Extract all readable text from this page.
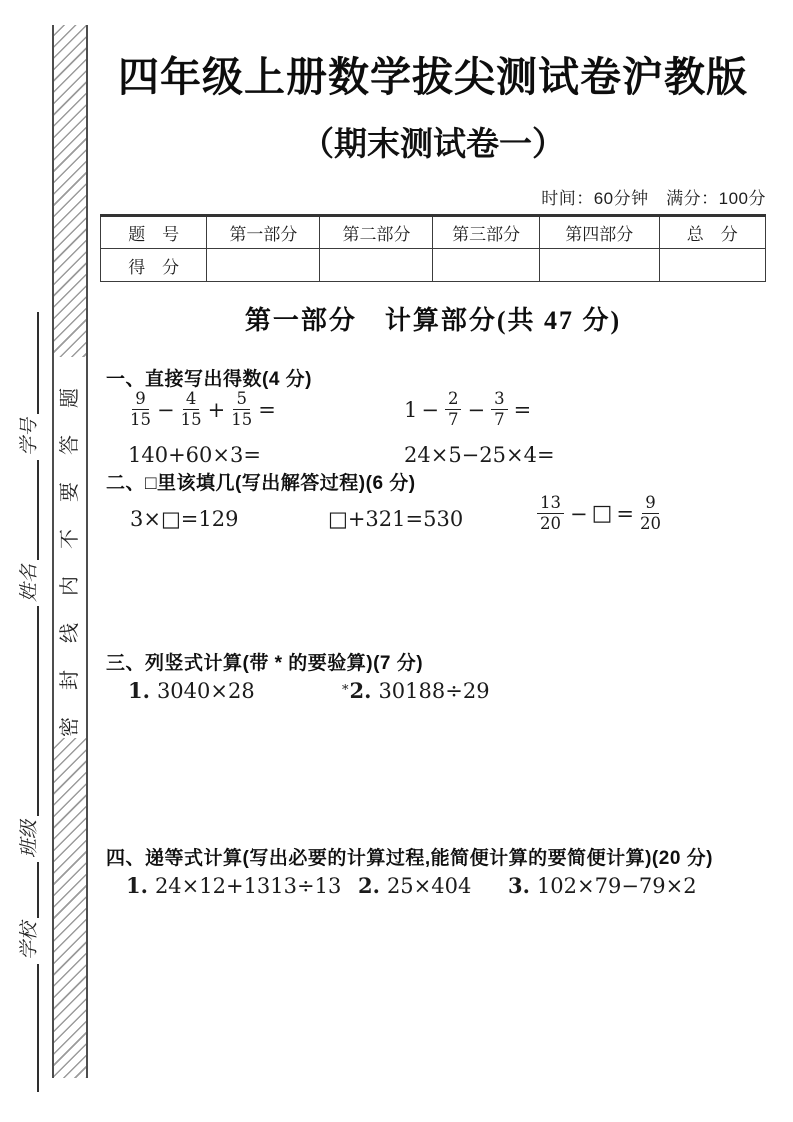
学校
班级
姓名
学号 密封线内不要答题
四年级上册数学拔尖测试卷沪教版
（期末测试卷一）
时间：60分钟　满分：100分
题　号	第一部分	第二部分	第三部分	第四部分	总　分
得　分					
第一部分　计算部分(共 47 分)
一、直接写出得数(4 分)
$\frac{9}{15} - \frac{4}{15} + \frac{5}{15}$ =	$1 - \frac{2}{7} - \frac{3}{7}$ =
140+60×3=	24×5−25×4=
二、□里该填几(写出解答过程)(6 分)
3×□=129	□+321=530	$\frac{13}{20}$ − □ = $\frac{9}{20}$
三、列竖式计算(带 * 的要验算)(7 分)
1. 3040×28	* 2. 30188÷29
四、递等式计算(写出必要的计算过程,能简便计算的要简便计算)(20 分)
1. 24×12+1313÷13 2. 25×404 3. 102×79−79×2
